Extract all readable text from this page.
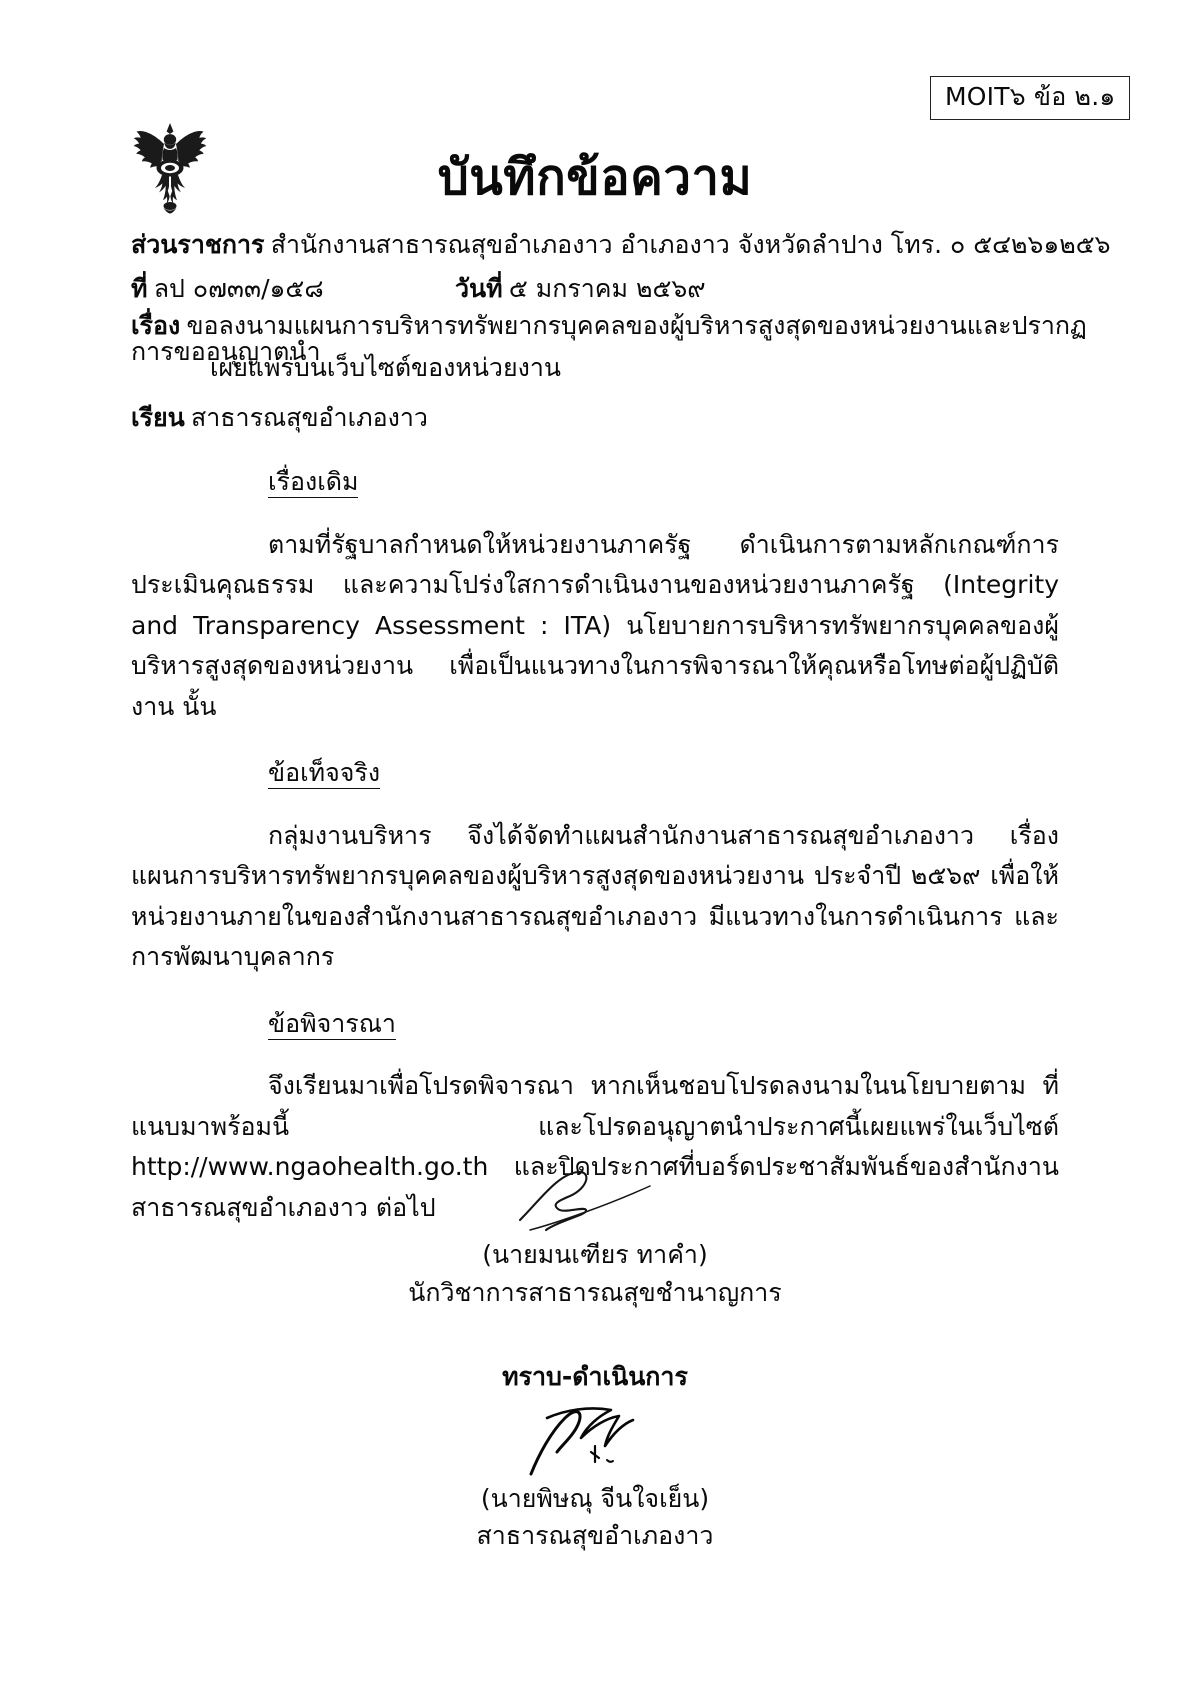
MOIT๖ ข้อ ๒.๑
บันทึกข้อความ
ส่วนราชการ สำนักงานสาธารณสุขอำเภองาว อำเภองาว จังหวัดลำปาง โทร. ๐ ๕๔๒๖๑๒๕๖
ที่ ลป ๐๗๓๓/๑๕๘	วันที่ ๕ มกราคม ๒๕๖๙
เรื่อง ขอลงนามแผนการบริหารทรัพยากรบุคคลของผู้บริหารสูงสุดของหน่วยงานและปรากฏการขออนุญาตนำ
เผยแพร่บนเว็บไซต์ของหน่วยงาน
เรียน สาธารณสุขอำเภองาว

เรื่องเดิม

ตามที่รัฐบาลกำหนดให้หน่วยงานภาครัฐ ดำเนินการตามหลักเกณฑ์การประเมินคุณธรรม และความโปร่งใสการดำเนินงานของหน่วยงานภาครัฐ (Integrity and Transparency Assessment : ITA) นโยบายการบริหารทรัพยากรบุคคลของผู้บริหารสูงสุดของหน่วยงาน เพื่อเป็นแนวทางในการพิจารณาให้คุณหรือโทษต่อผู้ปฏิบัติงาน นั้น

ข้อเท็จจริง

กลุ่มงานบริหาร จึงได้จัดทำแผนสำนักงานสาธารณสุขอำเภองาว เรื่อง แผนการบริหารทรัพยากรบุคคลของผู้บริหารสูงสุดของหน่วยงาน ประจำปี ๒๕๖๙ เพื่อให้หน่วยงานภายในของสำนักงานสาธารณสุขอำเภองาว มีแนวทางในการดำเนินการ และการพัฒนาบุคลากร

ข้อพิจารณา

จึงเรียนมาเพื่อโปรดพิจารณา หากเห็นชอบโปรดลงนามในนโยบายตาม ที่แนบมาพร้อมนี้ และโปรดอนุญาตนำประกาศนี้เผยแพร่ในเว็บไซต์ http://www.ngaohealth.go.th และปิดประกาศที่บอร์ดประชาสัมพันธ์ของสำนักงานสาธารณสุขอำเภองาว ต่อไป

(นายมนเฑียร ทาคำ)
นักวิชาการสาธารณสุขชำนาญการ
ทราบ-ดำเนินการ
(นายพิษณุ จีนใจเย็น)
สาธารณสุขอำเภองาว
